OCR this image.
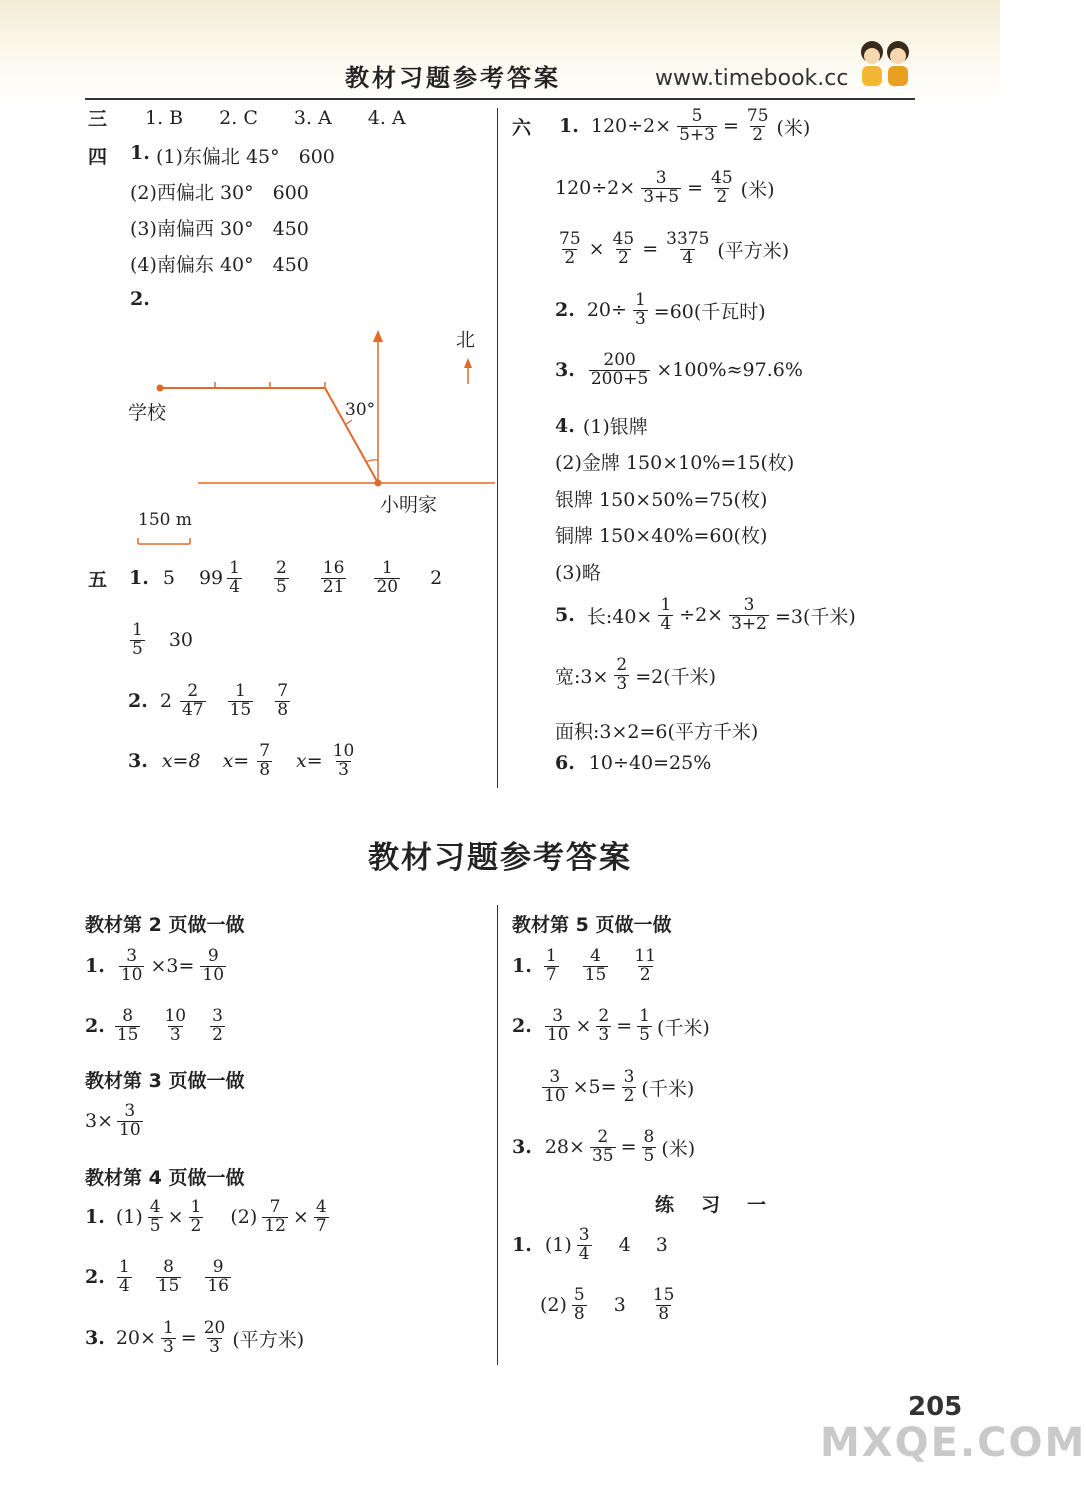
教材习题参考答案	www.timebook.cc
三 1. B 2. C 3. A 4. A
四 1. (1)东偏北 45°　600
(2)西偏北 30°　600
(3)南偏西 30°　450
(4)南偏东 40°　450
2.
学校
小明家
北
30°
150 m
五 1. 5 $99 \frac{1}{4} \frac{2}{5} \frac{16}{21} \frac{1}{20} 2$
$\frac{1}{5} 30$
2. $2 \frac{2}{47} \frac{1}{15} \frac{7}{8}$
3. x=8 $x= \frac{7}{8} x= \frac{10}{3}$
六 1. $120\div 2\times \frac{5}{5+3} = \frac{75}{2}$ (米)
$120\div 2\times \frac{3}{3+5} = \frac{45}{2}$ (米)
$\frac{75}{2} \times \frac{45}{2} = \frac{3375}{4}$ (平方米)
2. $20\div \frac{1}{3} =60$(千瓦时)
3. $\frac{200}{200+5} \times 100\%\approx 97.6\%$
4. (1)银牌
(2)金牌 150×10%=15(枚)
银牌 150×50%=75(枚)
铜牌 150×40%=60(枚)
(3)略
5. 长:40× $\frac{1}{4} \div 2\times \frac{3}{3+2} =3$(千米)
宽:3× $\frac{2}{3} =2$(千米)
面积:3×2=6(平方千米)
6. 10÷40=25%
教材习题参考答案
教材第 2 页做一做
1. $\frac{3}{10} \times 3= \frac{9}{10}$
2. $\frac{8}{15} \frac{10}{3} \frac{3}{2}$
教材第 3 页做一做
$3\times \frac{3}{10}$
教材第 4 页做一做
1. $(1) \frac{4}{5} \times \frac{1}{2} (2) \frac{7}{12} \times \frac{4}{7}$
2. $\frac{1}{4} \frac{8}{15} \frac{9}{16}$
3. $20\times \frac{1}{3} = \frac{20}{3}$ (平方米)
教材第 5 页做一做
1. $\frac{1}{7} \frac{4}{15} \frac{11}{2}$
2. $\frac{3}{10} \times \frac{2}{3} = \frac{1}{5}$ (千米)
$\frac{3}{10} \times 5= \frac{3}{2}$ (千米)
3. $28\times \frac{2}{35} = \frac{8}{5}$ (米)
练　习　一
1. $(1) \frac{3}{4} 4$ 3
$(2) \frac{5}{8} 3 \frac{15}{8}$
205
MXQE.COM
